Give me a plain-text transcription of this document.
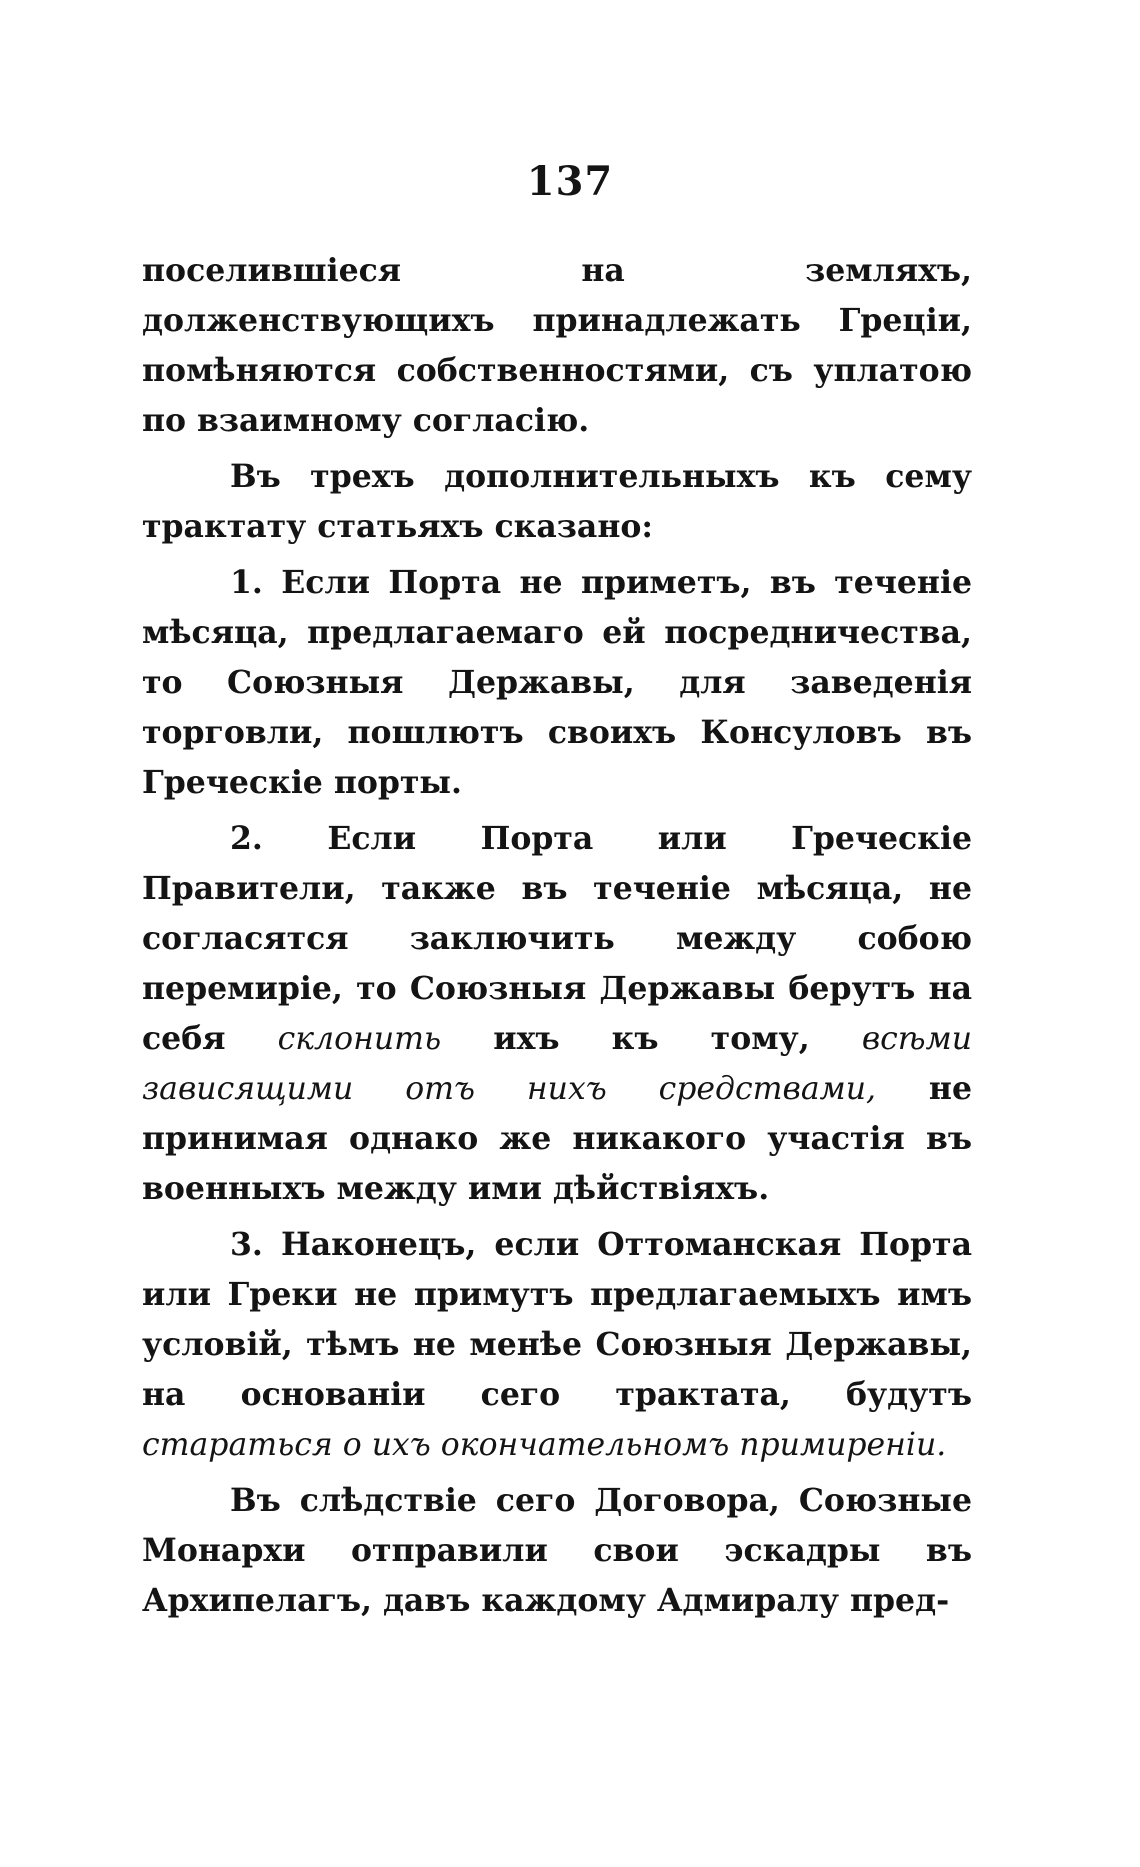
137

поселившіеся на земляхъ, долженствующихъ принадлежать Греціи, помѣняются собственностями, съ уплатою по взаимному согласію.

Въ трехъ дополнительныхъ къ сему трактату статьяхъ сказано:

1. Если Порта не приметъ, въ теченіе мѣсяца, предлагаемаго ей посредничества, то Союзныя Державы, для заведенія торговли, пошлютъ своихъ Консуловъ въ Греческіе порты.

2. Если Порта или Греческіе Правители, также въ теченіе мѣсяца, не согласятся заключить между собою перемиріе, то Союзныя Державы берутъ на себя склонить ихъ къ тому, всѣми зависящими отъ нихъ средствами, не принимая однако же никакого участія въ военныхъ между ими дѣйствіяхъ.

3. Наконецъ, если Оттоманская Порта или Греки не примутъ предлагаемыхъ имъ условій, тѣмъ не менѣе Союзныя Державы, на основаніи сего трактата, будутъ стараться о ихъ окончательномъ примиреніи.

Въ слѣдствіе сего Договора, Союзные Монархи отправили свои эскадры въ Архипелагъ, давъ каждому Адмиралу пред-
